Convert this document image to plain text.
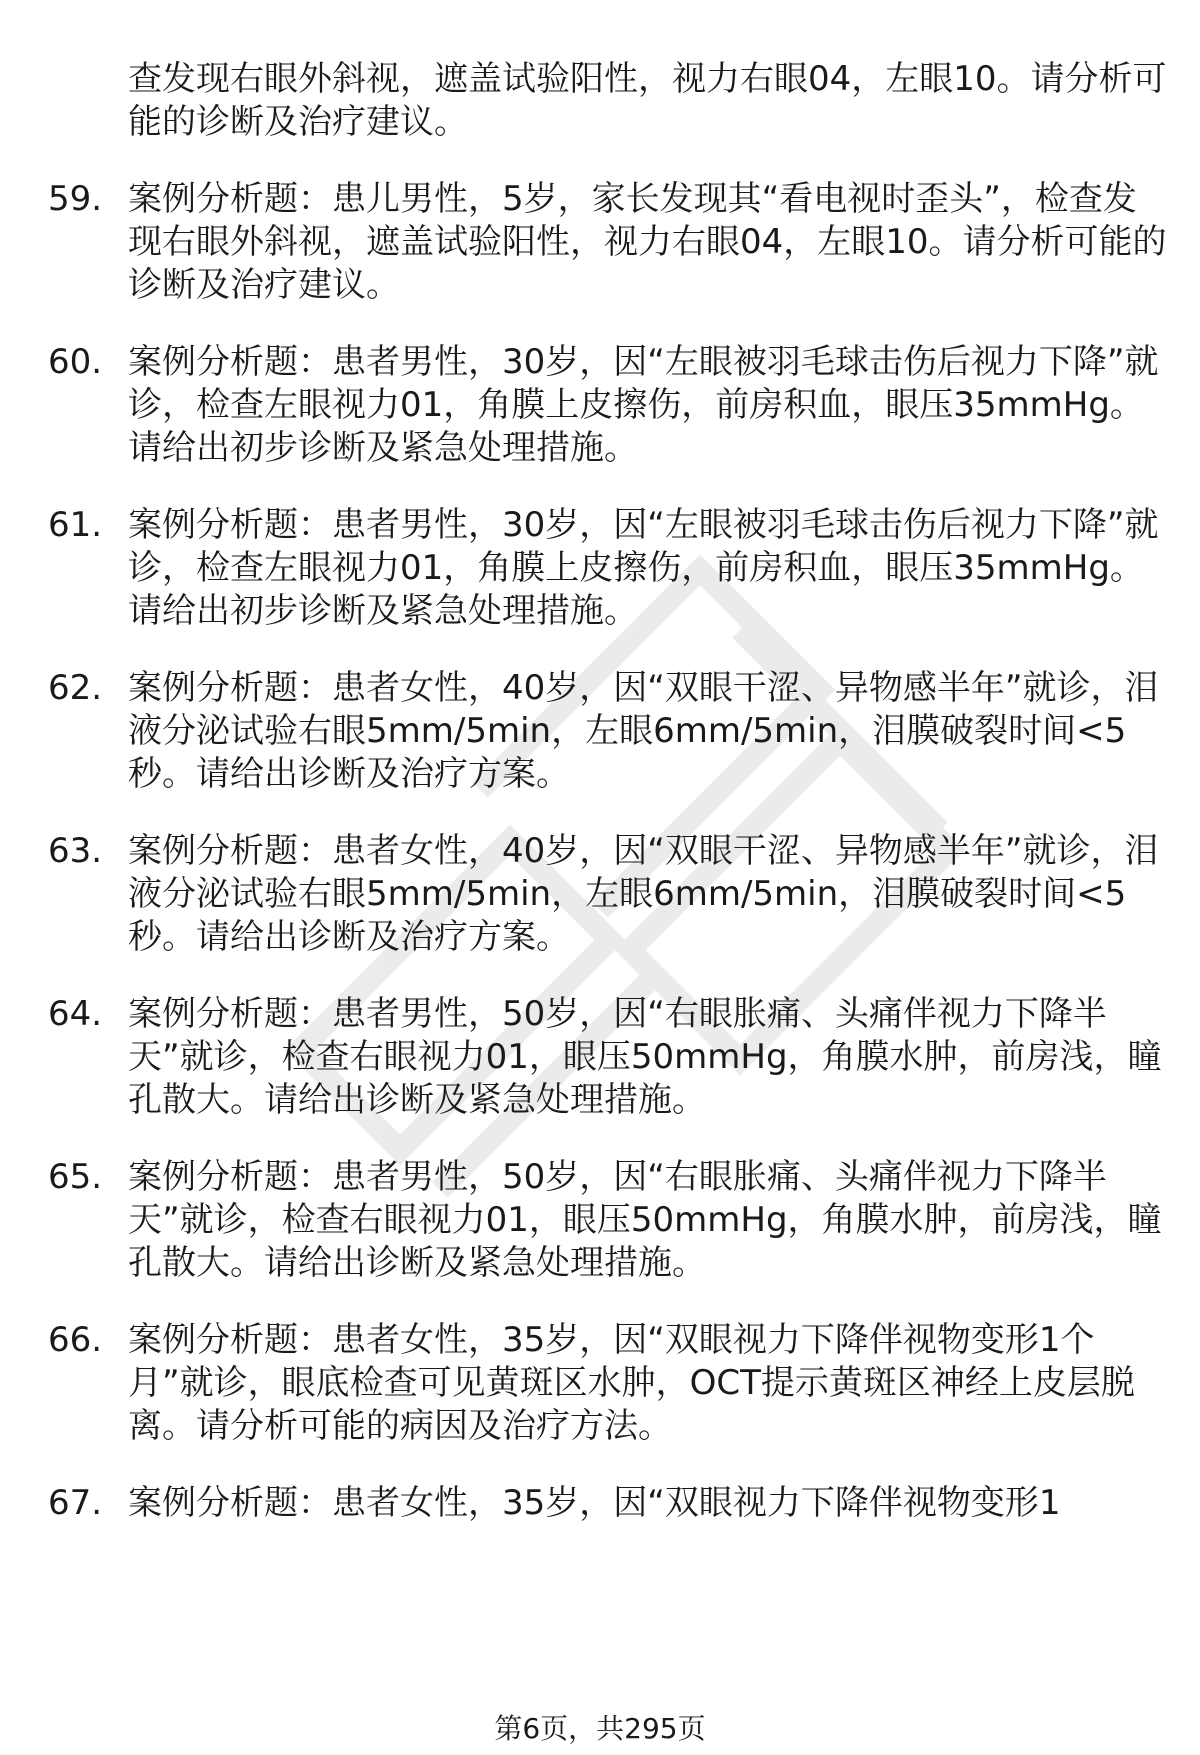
查发现右眼外斜视，遮盖试验阳性，视力右眼04，左眼10。请分析可能的诊断及治疗建议。
59. 案例分析题：患儿男性，5岁，家长发现其“看电视时歪头”，检查发现右眼外斜视，遮盖试验阳性，视力右眼04，左眼10。请分析可能的诊断及治疗建议。
60. 案例分析题：患者男性，30岁，因“左眼被羽毛球击伤后视力下降”就诊，检查左眼视力01，角膜上皮擦伤，前房积血，眼压35mmHg。请给出初步诊断及紧急处理措施。
61. 案例分析题：患者男性，30岁，因“左眼被羽毛球击伤后视力下降”就诊，检查左眼视力01，角膜上皮擦伤，前房积血，眼压35mmHg。请给出初步诊断及紧急处理措施。
62. 案例分析题：患者女性，40岁，因“双眼干涩、异物感半年”就诊，泪液分泌试验右眼5mm/5min，左眼6mm/5min，泪膜破裂时间<5秒。请给出诊断及治疗方案。
63. 案例分析题：患者女性，40岁，因“双眼干涩、异物感半年”就诊，泪液分泌试验右眼5mm/5min，左眼6mm/5min，泪膜破裂时间<5秒。请给出诊断及治疗方案。
64. 案例分析题：患者男性，50岁，因“右眼胀痛、头痛伴视力下降半天”就诊，检查右眼视力01，眼压50mmHg，角膜水肿，前房浅，瞳孔散大。请给出诊断及紧急处理措施。
65. 案例分析题：患者男性，50岁，因“右眼胀痛、头痛伴视力下降半天”就诊，检查右眼视力01，眼压50mmHg，角膜水肿，前房浅，瞳孔散大。请给出诊断及紧急处理措施。
66. 案例分析题：患者女性，35岁，因“双眼视力下降伴视物变形1个月”就诊，眼底检查可见黄斑区水肿，OCT提示黄斑区神经上皮层脱离。请分析可能的病因及治疗方法。
67. 案例分析题：患者女性，35岁，因“双眼视力下降伴视物变形1
第6页，共295页
